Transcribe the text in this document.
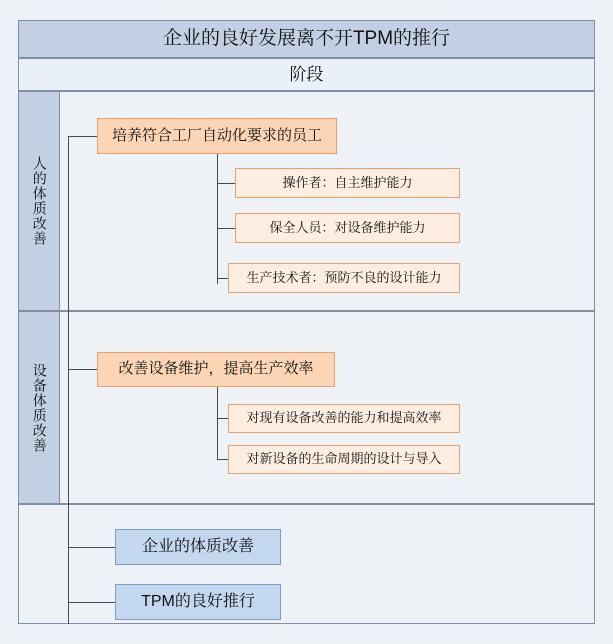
企业的良好发展离不开TPM的推行
阶段
人的体质改善
设备体质改善
培养符合工厂自动化要求的员工
操作者：自主维护能力
保全人员：对设备维护能力
生产技术者：预防不良的设计能力
改善设备维护，提高生产效率
对现有设备改善的能力和提高效率
对新设备的生命周期的设计与导入
企业的体质改善
TPM的良好推行
